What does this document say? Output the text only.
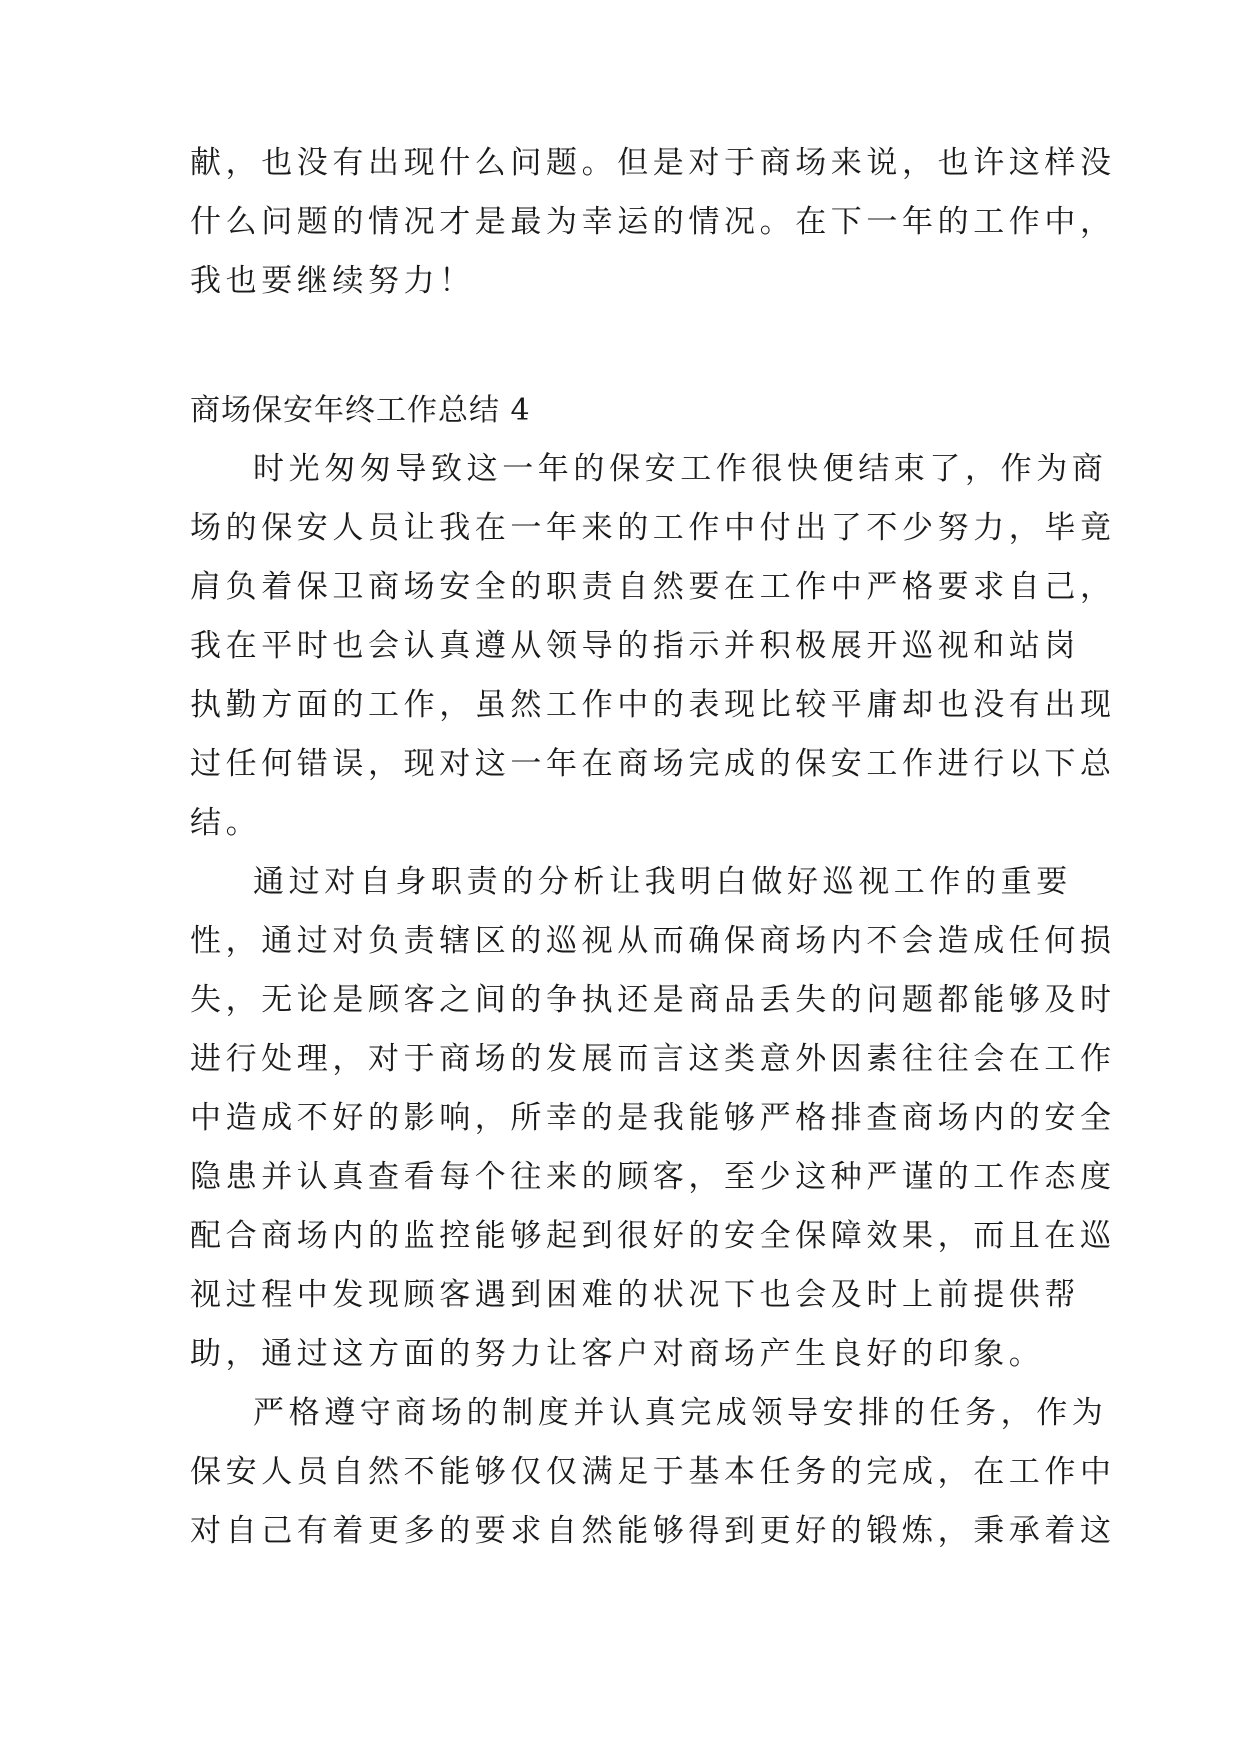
献，也没有出现什么问题。但是对于商场来说，也许这样没
什么问题的情况才是最为幸运的情况。在下一年的工作中，
我也要继续努力！
商场保安年终工作总结 4
时光匆匆导致这一年的保安工作很快便结束了，作为商
场的保安人员让我在一年来的工作中付出了不少努力，毕竟
肩负着保卫商场安全的职责自然要在工作中严格要求自己，
我在平时也会认真遵从领导的指示并积极展开巡视和站岗
执勤方面的工作，虽然工作中的表现比较平庸却也没有出现
过任何错误，现对这一年在商场完成的保安工作进行以下总
结。
通过对自身职责的分析让我明白做好巡视工作的重要
性，通过对负责辖区的巡视从而确保商场内不会造成任何损
失，无论是顾客之间的争执还是商品丢失的问题都能够及时
进行处理，对于商场的发展而言这类意外因素往往会在工作
中造成不好的影响，所幸的是我能够严格排查商场内的安全
隐患并认真查看每个往来的顾客，至少这种严谨的工作态度
配合商场内的监控能够起到很好的安全保障效果，而且在巡
视过程中发现顾客遇到困难的状况下也会及时上前提供帮
助，通过这方面的努力让客户对商场产生良好的印象。
严格遵守商场的制度并认真完成领导安排的任务，作为
保安人员自然不能够仅仅满足于基本任务的完成，在工作中
对自己有着更多的要求自然能够得到更好的锻炼，秉承着这
